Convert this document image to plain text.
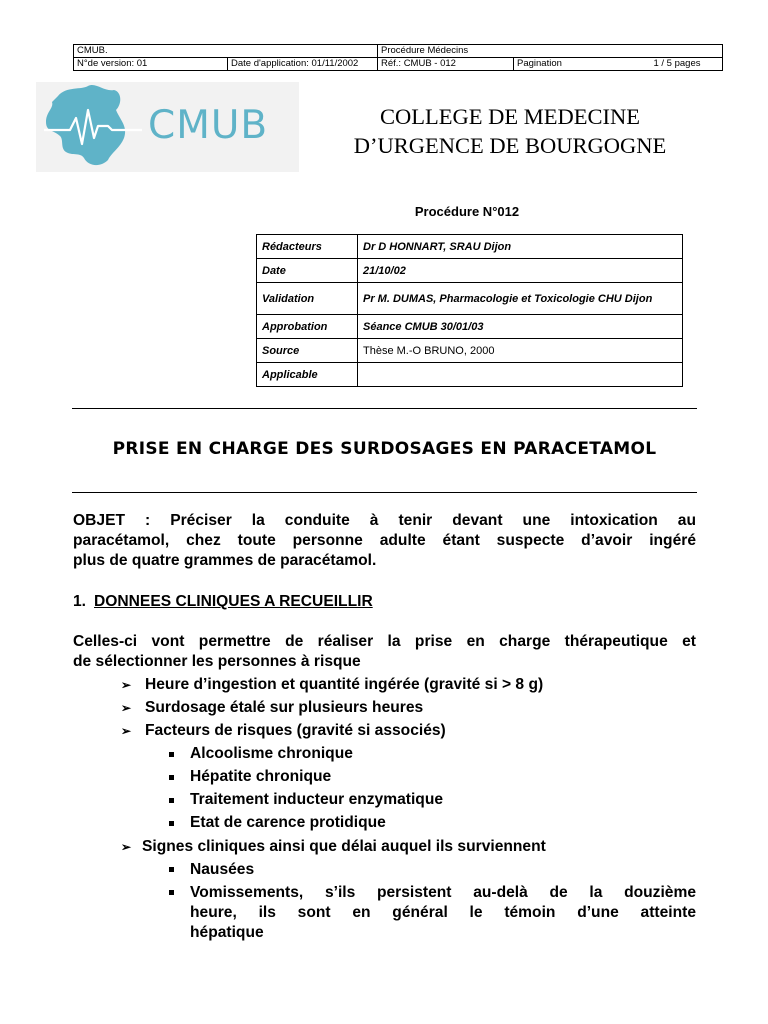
CMUB.		Procédure Médecins	
N°de version: 01	Date d'application: 01/11/2002	Réf.: CMUB - 012	Pagination 1 / 5 pages
CMUB	COLLEGE DE MEDECINE
D’URGENCE DE BOURGOGNE
Procédure N°012
Rédacteurs	Dr D HONNART, SRAU Dijon
Date	21/10/02
Validation	Pr M. DUMAS, Pharmacologie et Toxicologie CHU Dijon
Approbation	Séance CMUB 30/01/03
Source	Thèse M.-O BRUNO, 2000
Applicable	
PRISE EN CHARGE DES SURDOSAGES EN PARACETAMOL
OBJET : Préciser la conduite à tenir devant une intoxication au
paracétamol, chez toute personne adulte étant suspecte d’avoir ingéré
plus de quatre grammes de paracétamol.
1. DONNEES CLINIQUES A RECUEILLIR
Celles-ci vont permettre de réaliser la prise en charge thérapeutique et
de sélectionner les personnes à risque
➢ Heure d’ingestion et quantité ingérée (gravité si > 8 g)
➢ Surdosage étalé sur plusieurs heures
➢ Facteurs de risques (gravité si associés)
Alcoolisme chronique
Hépatite chronique
Traitement inducteur enzymatique
Etat de carence protidique
➢ Signes cliniques ainsi que délai auquel ils surviennent
Nausées
Vomissements, s’ils persistent au-delà de la douzième
heure, ils sont en général le témoin d’une atteinte
hépatique
